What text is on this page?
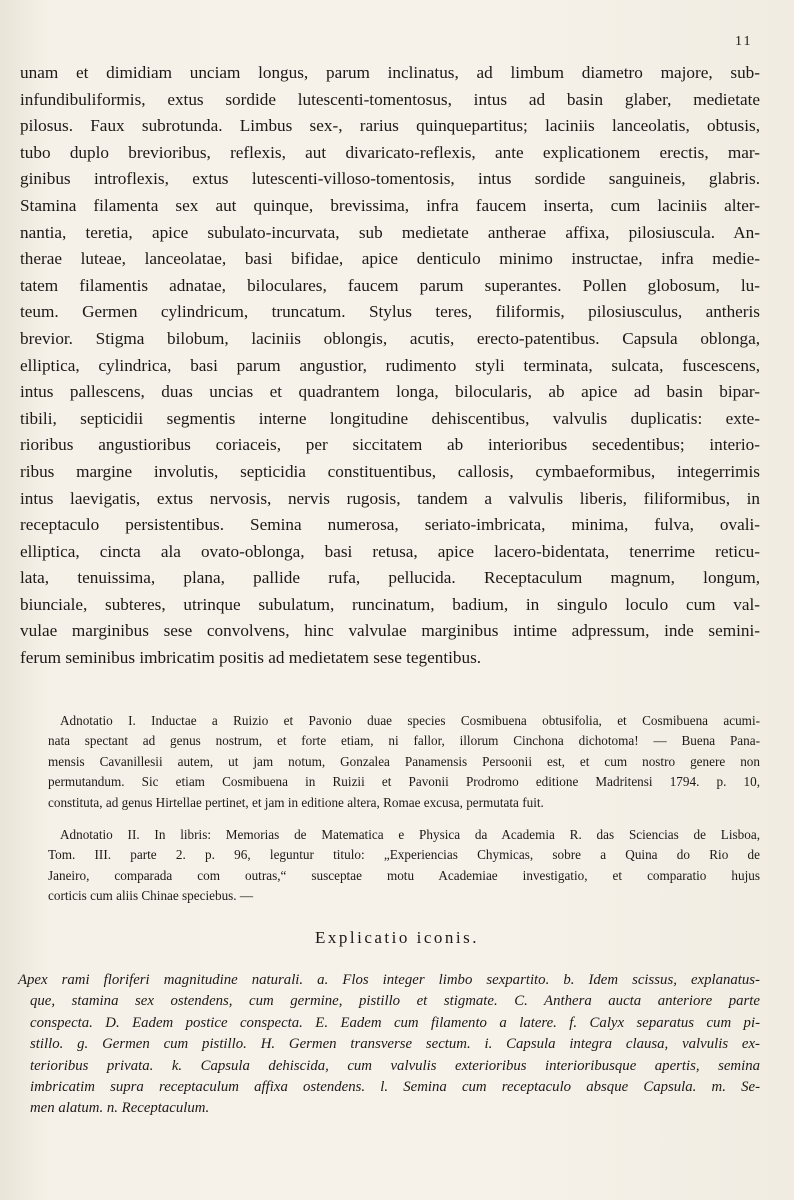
11
unam et dimidiam unciam longus, parum inclinatus, ad limbum diametro majore, sub-
infundibuliformis, extus sordide lutescenti-tomentosus, intus ad basin glaber, medietate
pilosus. Faux subrotunda. Limbus sex-, rarius quinquepartitus; laciniis lanceolatis, obtusis,
tubo duplo brevioribus, reflexis, aut divaricato-reflexis, ante explicationem erectis, mar-
ginibus introflexis, extus lutescenti-villoso-tomentosis, intus sordide sanguineis, glabris.
Stamina filamenta sex aut quinque, brevissima, infra faucem inserta, cum laciniis alter-
nantia, teretia, apice subulato-incurvata, sub medietate antherae affixa, pilosiuscula. An-
therae luteae, lanceolatae, basi bifidae, apice denticulo minimo instructae, infra medie-
tatem filamentis adnatae, biloculares, faucem parum superantes. Pollen globosum, lu-
teum. Germen cylindricum, truncatum. Stylus teres, filiformis, pilosiusculus, antheris
brevior. Stigma bilobum, laciniis oblongis, acutis, erecto-patentibus. Capsula oblonga,
elliptica, cylindrica, basi parum angustior, rudimento styli terminata, sulcata, fuscescens,
intus pallescens, duas uncias et quadrantem longa, bilocularis, ab apice ad basin bipar-
tibili, septicidii segmentis interne longitudine dehiscentibus, valvulis duplicatis: exte-
rioribus angustioribus coriaceis, per siccitatem ab interioribus secedentibus; interio-
ribus margine involutis, septicidia constituentibus, callosis, cymbaeformibus, integerrimis
intus laevigatis, extus nervosis, nervis rugosis, tandem a valvulis liberis, filiformibus, in
receptaculo persistentibus. Semina numerosa, seriato-imbricata, minima, fulva, ovali-
elliptica, cincta ala ovato-oblonga, basi retusa, apice lacero-bidentata, tenerrime reticu-
lata, tenuissima, plana, pallide rufa, pellucida. Receptaculum magnum, longum,
biunciale, subteres, utrinque subulatum, runcinatum, badium, in singulo loculo cum val-
vulae marginibus sese convolvens, hinc valvulae marginibus intime adpressum, inde semini-
ferum seminibus imbricatim positis ad medietatem sese tegentibus.
Adnotatio I. Inductae a Ruizio et Pavonio duae species Cosmibuena obtusifolia, et Cosmibuena acumi-
nata spectant ad genus nostrum, et forte etiam, ni fallor, illorum Cinchona dichotoma! — Buena Pana-
mensis Cavanillesii autem, ut jam notum, Gonzalea Panamensis Persoonii est, et cum nostro genere non
permutandum. Sic etiam Cosmibuena in Ruizii et Pavonii Prodromo editione Madritensi 1794. p. 10,
constituta, ad genus Hirtellae pertinet, et jam in editione altera, Romae excusa, permutata fuit.
Adnotatio II. In libris: Memorias de Matematica e Physica da Academia R. das Sciencias de Lisboa,
Tom. III. parte 2. p. 96, leguntur titulo: „Experiencias Chymicas, sobre a Quina do Rio de
Janeiro, comparada com outras,“ susceptae motu Academiae investigatio, et comparatio hujus
corticis cum aliis Chinae speciebus. —
Explicatio iconis.
Apex rami floriferi magnitudine naturali. a. Flos integer limbo sexpartito. b. Idem scissus, explanatus-
que, stamina sex ostendens, cum germine, pistillo et stigmate. C. Anthera aucta anteriore parte
conspecta. D. Eadem postice conspecta. E. Eadem cum filamento a latere. f. Calyx separatus cum pi-
stillo. g. Germen cum pistillo. H. Germen transverse sectum. i. Capsula integra clausa, valvulis ex-
terioribus privata. k. Capsula dehiscida, cum valvulis exterioribus interioribusque apertis, semina
imbricatim supra receptaculum affixa ostendens. l. Semina cum receptaculo absque Capsula. m. Se-
men alatum. n. Receptaculum.
